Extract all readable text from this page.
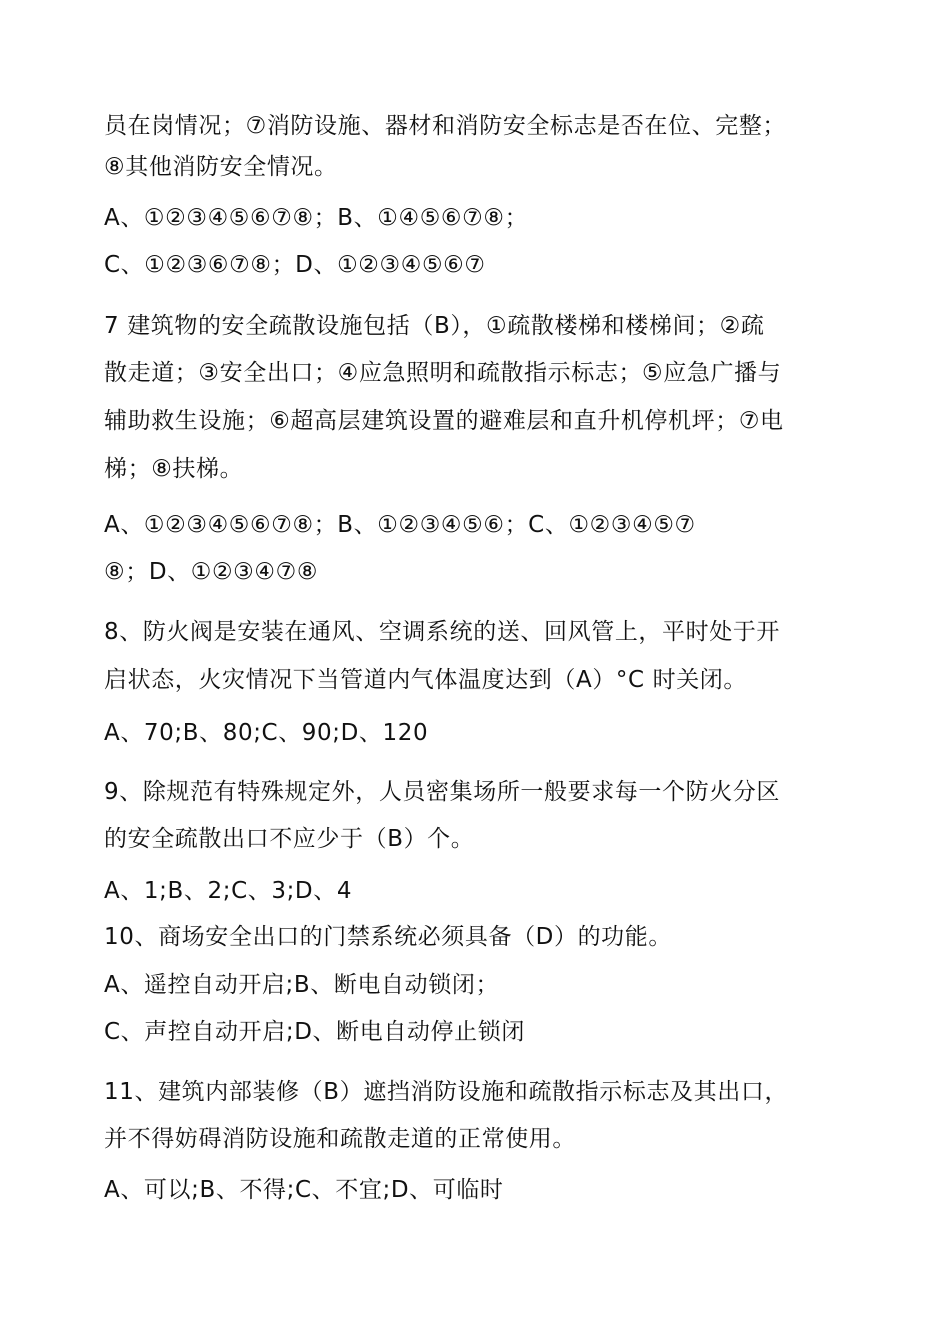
员在岗情况；⑦消防设施、器材和消防安全标志是否在位、完整；
⑧其他消防安全情况。
A、①②③④⑤⑥⑦⑧；B、①④⑤⑥⑦⑧；
C、①②③⑥⑦⑧；D、①②③④⑤⑥⑦
7 建筑物的安全疏散设施包括（B），①疏散楼梯和楼梯间；②疏
散走道；③安全出口；④应急照明和疏散指示标志；⑤应急广播与
辅助救生设施；⑥超高层建筑设置的避难层和直升机停机坪；⑦电
梯；⑧扶梯。
A、①②③④⑤⑥⑦⑧；B、①②③④⑤⑥；C、①②③④⑤⑦
⑧；D、①②③④⑦⑧
8、防火阀是安装在通风、空调系统的送、回风管上，平时处于开
启状态，火灾情况下当管道内气体温度达到（A）°C 时关闭。
A、70;B、80;C、90;D、120
9、除规范有特殊规定外，人员密集场所一般要求每一个防火分区
的安全疏散出口不应少于（B）个。
A、1;B、2;C、3;D、4
10、商场安全出口的门禁系统必须具备（D）的功能。
A、遥控自动开启;B、断电自动锁闭；
C、声控自动开启;D、断电自动停止锁闭
11、建筑内部装修（B）遮挡消防设施和疏散指示标志及其出口，
并不得妨碍消防设施和疏散走道的正常使用。
A、可以;B、不得;C、不宜;D、可临时
